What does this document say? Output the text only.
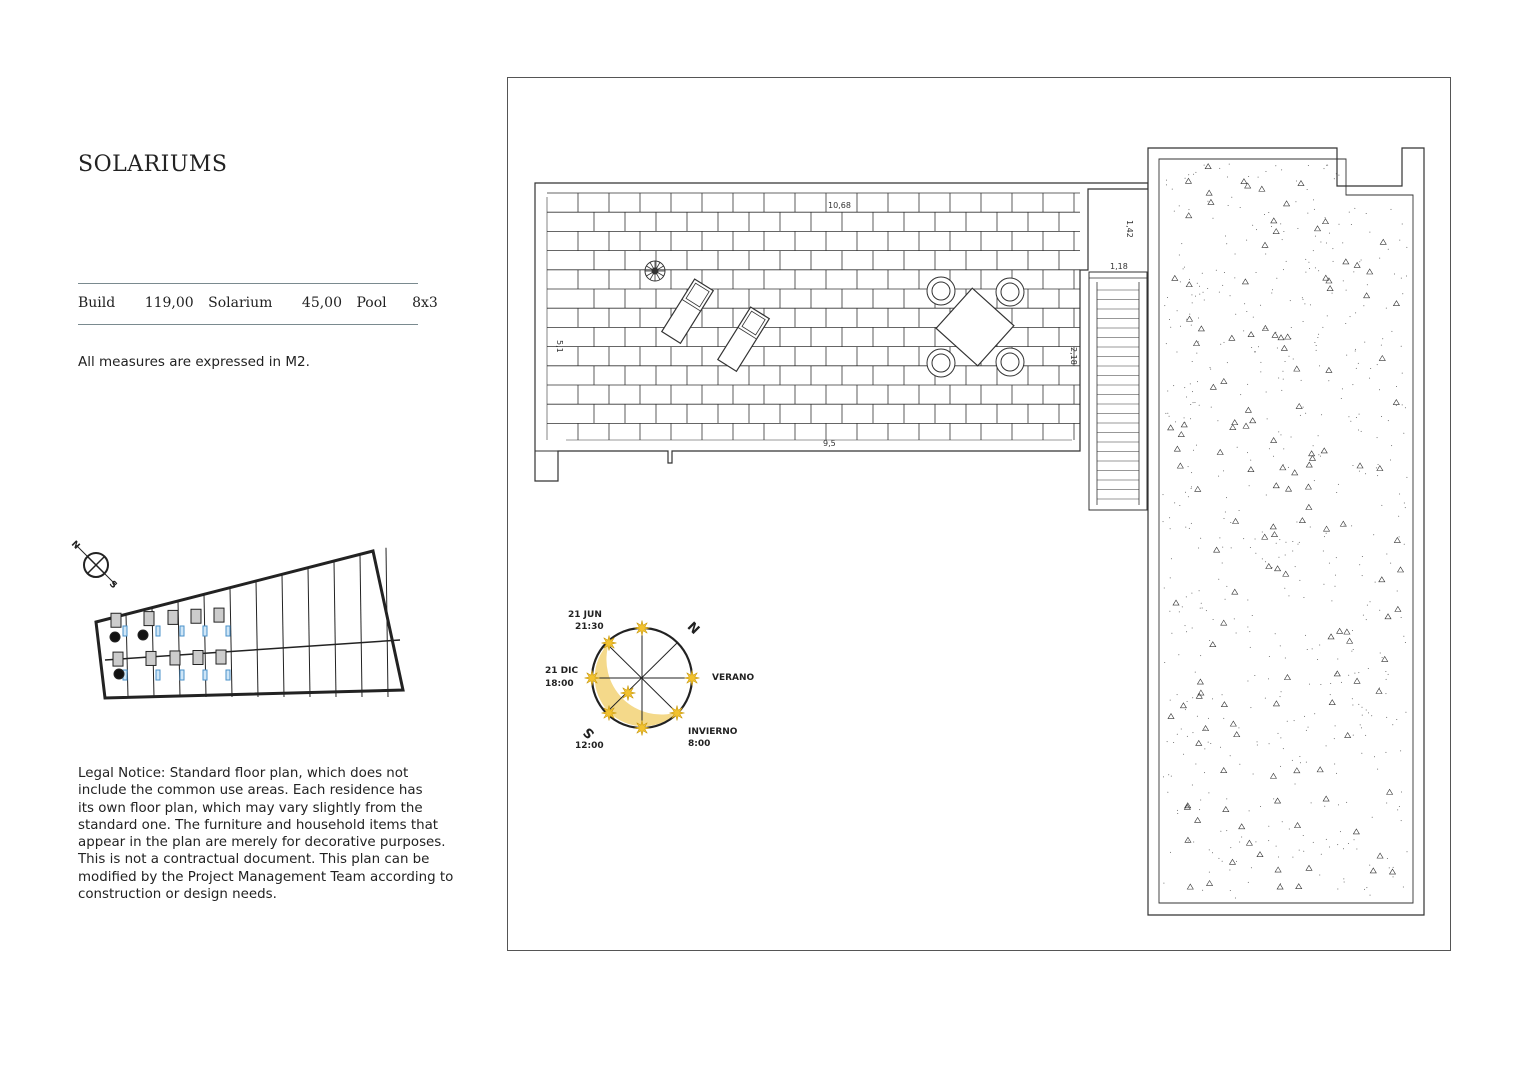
SOLARIUMS
Build 119,00 Solarium 45,00 Pool 8x3
All measures are expressed in M2.
Legal Notice: Standard floor plan, which does not
include the common use areas. Each residence has
its own floor plan, which may vary slightly from the
standard one. The furniture and household items that
appear in the plan are merely for decorative purposes.
This is not a contractual document. This plan can be
modified by the Project Management Team according to
construction or design needs.
N
S
10,68
9,5
5,1
1,42
1,18
2,18
21 JUN
21:30
21 DIC
18:00
12:00
N
S
VERANO
INVIERNO
8:00
